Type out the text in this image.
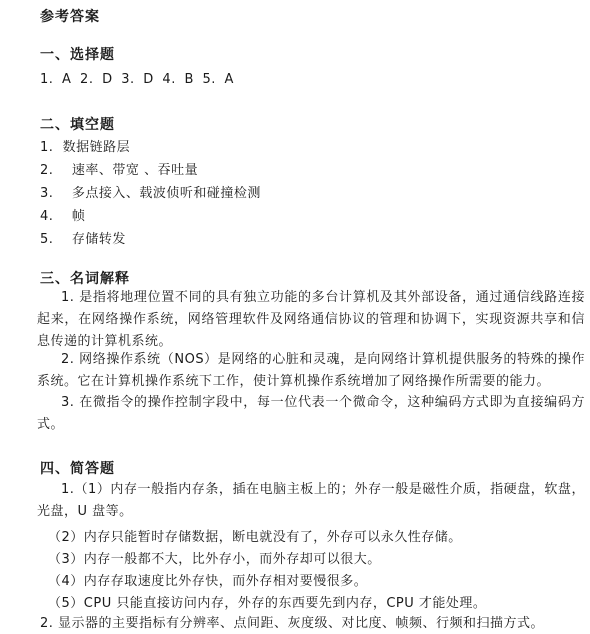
参考答案
一、选择题
1. A 2. D 3. D 4. B 5. A
二、填空题
1.  数据链路层
2.    速率、带宽 、吞吐量
3.    多点接入、载波侦听和碰撞检测
4.    帧
5.    存储转发
三、名词解释
1. 是指将地理位置不同的具有独立功能的多台计算机及其外部设备，通过通信线路连接起来，在网络操作系统，网络管理软件及网络通信协议的管理和协调下，实现资源共享和信息传递的计算机系统。
2. 网络操作系统（NOS）是网络的心脏和灵魂，是向网络计算机提供服务的特殊的操作系统。它在计算机操作系统下工作，使计算机操作系统增加了网络操作所需要的能力。
3. 在微指令的操作控制字段中，每一位代表一个微命令，这种编码方式即为直接编码方式。
四、简答题
1.（1）内存一般指内存条，插在电脑主板上的；外存一般是磁性介质，指硬盘，软盘，光盘，U 盘等。
（2）内存只能暂时存储数据，断电就没有了，外存可以永久性存储。
（3）内存一般都不大，比外存小，而外存却可以很大。
（4）内存存取速度比外存快，而外存相对要慢很多。
（5）CPU 只能直接访问内存，外存的东西要先到内存，CPU 才能处理。
2. 显示器的主要指标有分辨率、点间距、灰度级、对比度、帧频、行频和扫描方式。
